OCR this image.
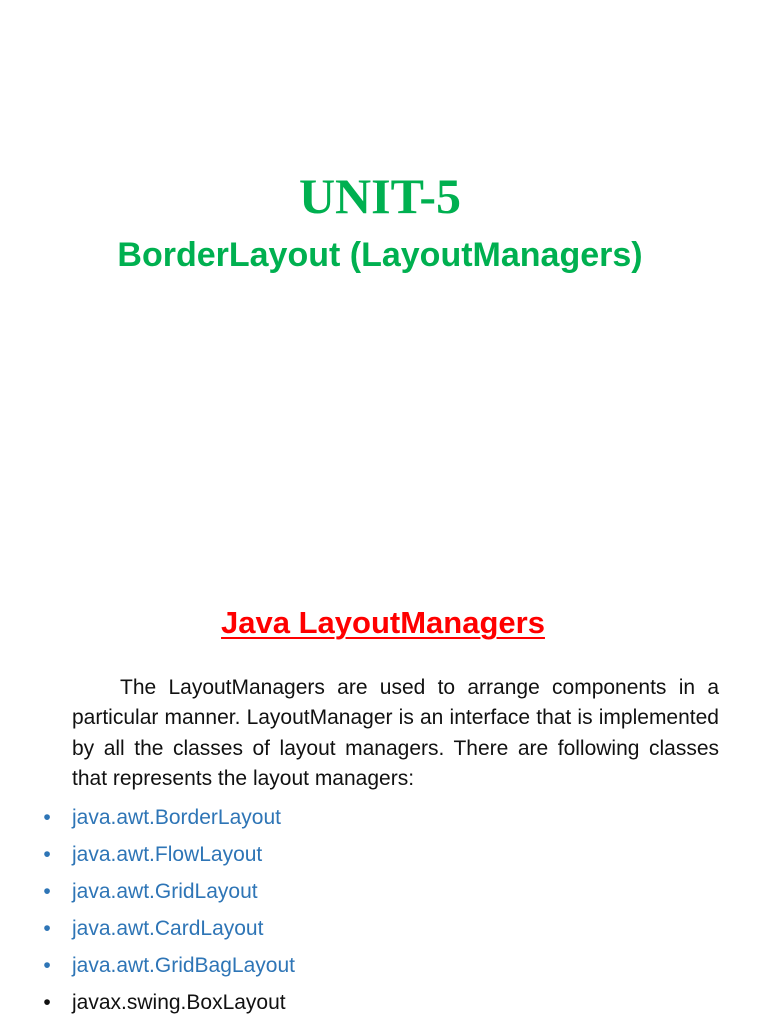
UNIT-5
BorderLayout (LayoutManagers)
Java LayoutManagers

The LayoutManagers are used to arrange components in a particular manner. LayoutManager is an interface that is implemented by all the classes of layout managers. There are following classes that represents the layout managers:

• java.awt.BorderLayout
• java.awt.FlowLayout
• java.awt.GridLayout
• java.awt.CardLayout
• java.awt.GridBagLayout
• javax.swing.BoxLayout
